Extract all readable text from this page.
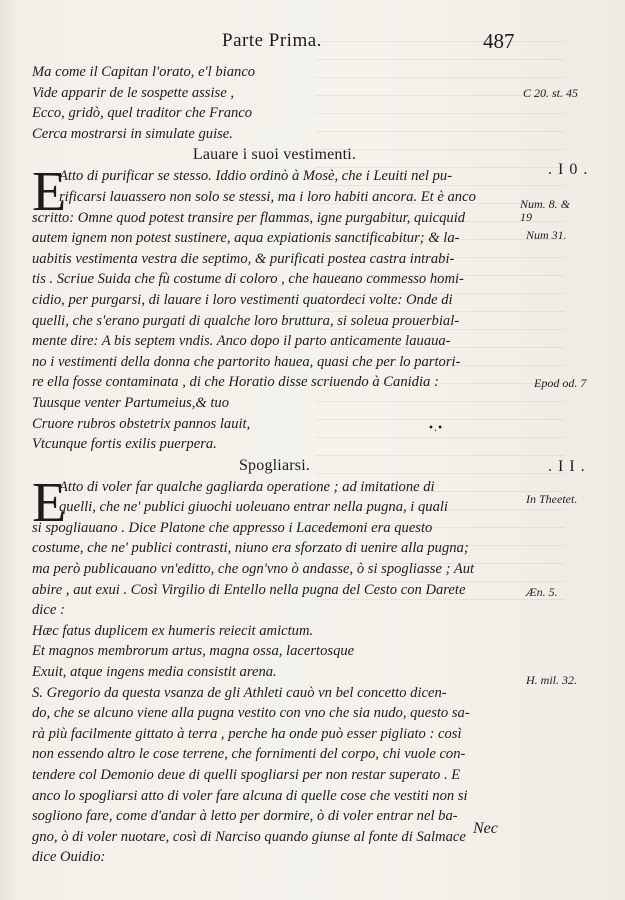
Parte Prima.	487
Ma come il Capitan l'orato, e'l bianco
Vide apparir de le sospette assise ,
Ecco, gridò, quel traditor che Franco
Cerca mostrarsi in simulate guise.
Lauare i suoi vestimenti.
E
Atto di purificar se stesso. Iddio ordinò à Mosè, che i Leuiti nel pu-
rificarsi lauassero non solo se stessi, ma i loro habiti ancora. Et è anco
scritto: Omne quod potest transire per flammas, igne purgabitur, quicquid
autem ignem non potest sustinere, aqua expiationis sanctificabitur; & la-
uabitis vestimenta vestra die septimo, & purificati postea castra intrabi-
tis . Scriue Suida che fù costume di coloro , che haueano commesso homi-
cidio, per purgarsi, di lauare i loro vestimenti quatordeci volte: Onde di
quelli, che s'erano purgati di qualche loro bruttura, si soleua prouerbial-
mente dire: A bis septem vndis. Anco dopo il parto anticamente lauaua-
no i vestimenti della donna che partorito hauea, quasi che per lo partori-
re ella fosse contaminata , di che Horatio disse scriuendo à Canidia :
Tuusque venter Partumeius,& tuo
Cruore rubros obstetrix pannos lauit,
Vtcunque fortis exilis puerpera.
Spogliarsi.
E
Atto di voler far qualche gagliarda operatione ; ad imitatione di
quelli, che ne' publici giuochi uoleuano entrar nella pugna, i quali
si spogliauano . Dice Platone che appresso i Lacedemoni era questo
costume, che ne' publici contrasti, niuno era sforzato di uenire alla pugna;
ma però publicauano vn'editto, che ogn'vno ò andasse, ò si spogliasse ; Aut
abire , aut exui . Così Virgilio di Entello nella pugna del Cesto con Darete
dice :
Hæc fatus duplicem ex humeris reiecit amictum.
Et magnos membrorum artus, magna ossa, lacertosque
Exuit, atque ingens media consistit arena.
S. Gregorio da questa vsanza de gli Athleti cauò vn bel concetto dicen-
do, che se alcuno viene alla pugna vestito con vno che sia nudo, questo sa-
rà più facilmente gittato à terra , perche ha onde può esser pigliato : così
non essendo altro le cose terrene, che fornimenti del corpo, chi vuole con-
tendere col Demonio deue di quelli spogliarsi per non restar superato . E
anco lo spogliarsi atto di voler fare alcuna di quelle cose che vestiti non si
sogliono fare, come d'andar à letto per dormire, ò di voler entrar nel ba-
gno, ò di voler nuotare, così di Narciso quando giunse al fonte di Salmace
dice Ouidio:
•.•
C 20. st. 45
. I 0 .
Num. 8. &
19
Num 31.
Epod od. 7
. I I .
In Theetet.
Æn. 5.
H. mil. 32.
Nec
